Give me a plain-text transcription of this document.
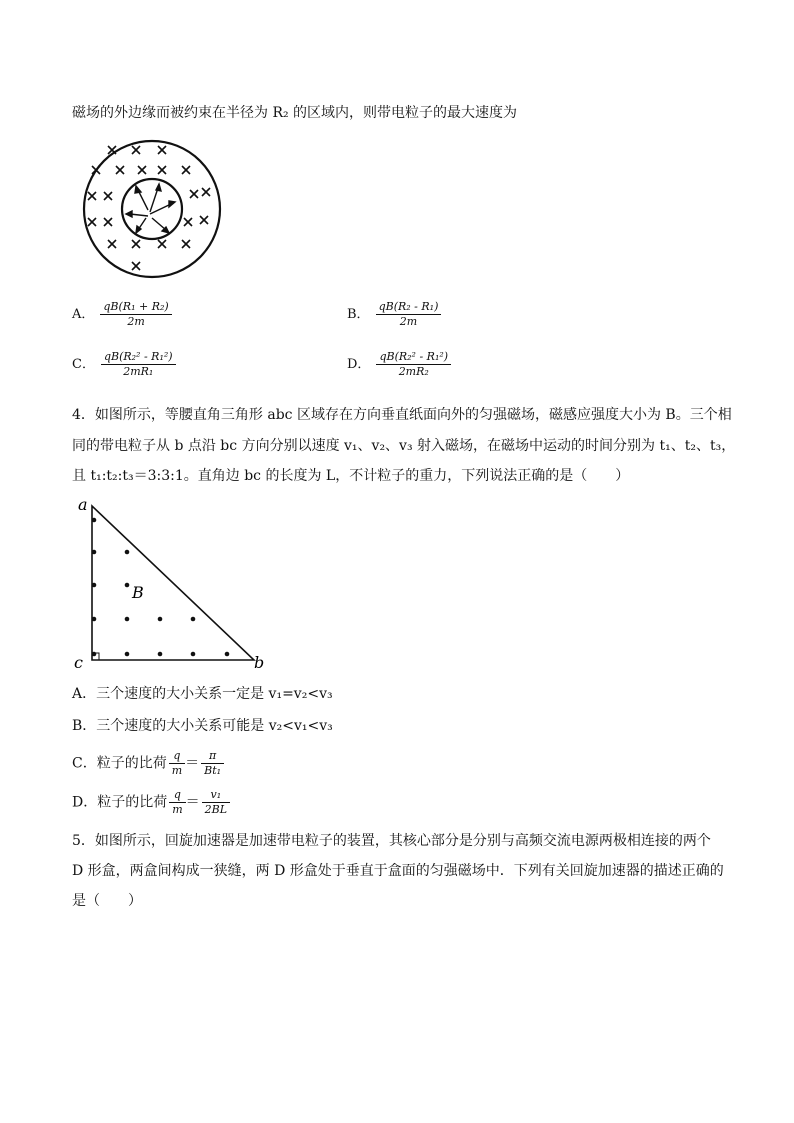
磁场的外边缘而被约束在半径为 R₂ 的区域内，则带电粒子的最大速度为
A． $\frac{\text{qB(R₁ + R₂)}}{2m}$	B． $\frac{\text{qB(R₂ - R₁)}}{2m}$
C． $\frac{\text{qB(R₂² - R₁²)}}{\text{2mR₁}}$	D． $\frac{\text{qB(R₂² - R₁²)}}{\text{2mR₂}}$
4．如图所示，等腰直角三角形 abc 区域存在方向垂直纸面向外的匀强磁场，磁感应强度大小为 B。三个相
同的带电粒子从 b 点沿 bc 方向分别以速度 v₁、v₂、v₃ 射入磁场，在磁场中运动的时间分别为 t₁、t₂、t₃，
且 t₁:t₂:t₃＝3:3:1。直角边 bc 的长度为 L，不计粒子的重力，下列说法正确的是（　　）
a
c	b
B
A．三个速度的大小关系一定是 v₁=v₂<v₃
B．三个速度的大小关系可能是 v₂<v₁<v₃
C．粒子的比荷 $\frac{q}{m} = \frac{\pi}{\text{Bt₁}}$
D．粒子的比荷 $\frac{q}{m} = \frac{\text{v₁}}{2BL}$
5．如图所示，回旋加速器是加速带电粒子的装置，其核心部分是分别与高频交流电源两极相连接的两个
D 形盒，两盒间构成一狭缝，两 D 形盒处于垂直于盒面的匀强磁场中．下列有关回旋加速器的描述正确的
是（　　）
